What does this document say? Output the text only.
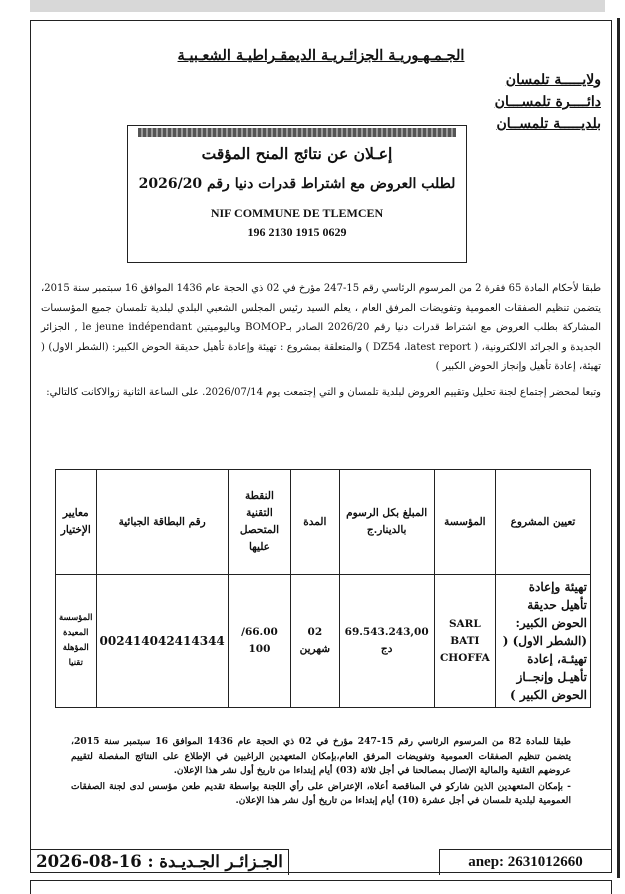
الجـمـهـوريـة الجزائـريـة الديمقـراطيـة الشعـبيـة
ولايـــــة تلمسان
دائــــرة تلمســـان
بلديـــــة تلمســان
إعـلان عن نتائج المنح المؤقت
لطلب العروض مع اشتراط قدرات دنيا رقم 2026/20
NIF COMMUNE DE TLEMCEN
196 2130 1915 0629
طبقا لأحكام المادة 65 فقرة 2 من المرسوم الرئاسي رقم 15-247 مؤرخ في 02 ذي الحجة عام 1436 الموافق 16 سبتمبر سنة 2015، يتضمن تنظيم الصفقات العمومية وتفويضات المرفق العام ، يعلم السيد رئيس المجلس الشعبي البلدي لبلدية تلمسان جميع المؤسسات المشاركة بطلب العروض مع اشتراط قدرات دنيا رقم 2026/20 الصادر بـBOMOP وباليوميتين le jeune indépendant , الجزائر الجديدة و الجرائد الالكترونية، ( DZ54 ،latest report ) والمتعلقة بمشروع : تهيئة وإعادة تأهيل حديقة الحوض الكبير: (الشطر الاول) ( تهيئة، إعادة تأهيل وإنجاز الحوض الكبير )
وتبعا لمحضر إجتماع لجنة تحليل وتقييم العروض لبلدية تلمسان و التي إجتمعت يوم 2026/07/14. على الساعة الثانية زوالاكانت كالتالي:
تعيين المشروع	المؤسسة	المبلغ بكل الرسوم بالدينار.ج	المدة	النقطة التقنية المتحصل عليها	رقم البطاقة الجبائية	معايير الإختيار
تهيئة وإعادة تأهيل حديقة الحوض الكبير: (الشطر الاول) ( تهيئـة، إعادة تأهيـل وإنجــاز الحوض الكبير )	SARL BATI CHOFFA	69.543.243,00 دج	02 شهرين	/66.00 100	002414042414344	المؤسسة المعيدة المؤهلة تقنيا
طبقا للمادة 82 من المرسوم الرئاسي رقم 15-247 مؤرخ في 02 ذي الحجة عام 1436 الموافق 16 سبتمبر سنة 2015، يتضمن تنظيم الصفقات العمومية وتفويضات المرفق العام،بإمكان المتعهدين الراغبين في الإطلاع على النتائج المفصلة لتقييم عروضهم التقنية والمالية الإتصال بمصالحنا في أجل ثلاثة (03) أيام إبتداءا من تاريخ أول نشر هذا الإعلان.
- بإمكان المتعهدين الذين شاركو في المناقصة أعلاه، الإعتراض على رأي اللجنة بواسطة تقديم طعن مؤسس لدى لجنة الصفقات العمومية لبلدية تلمسان في أجل عشرة (10) أيام إبتداءا من تاريخ أول نشر هذا الإعلان.
الجـزائـر الجـديـدة : 16-08-2026	anep: 2631012660
